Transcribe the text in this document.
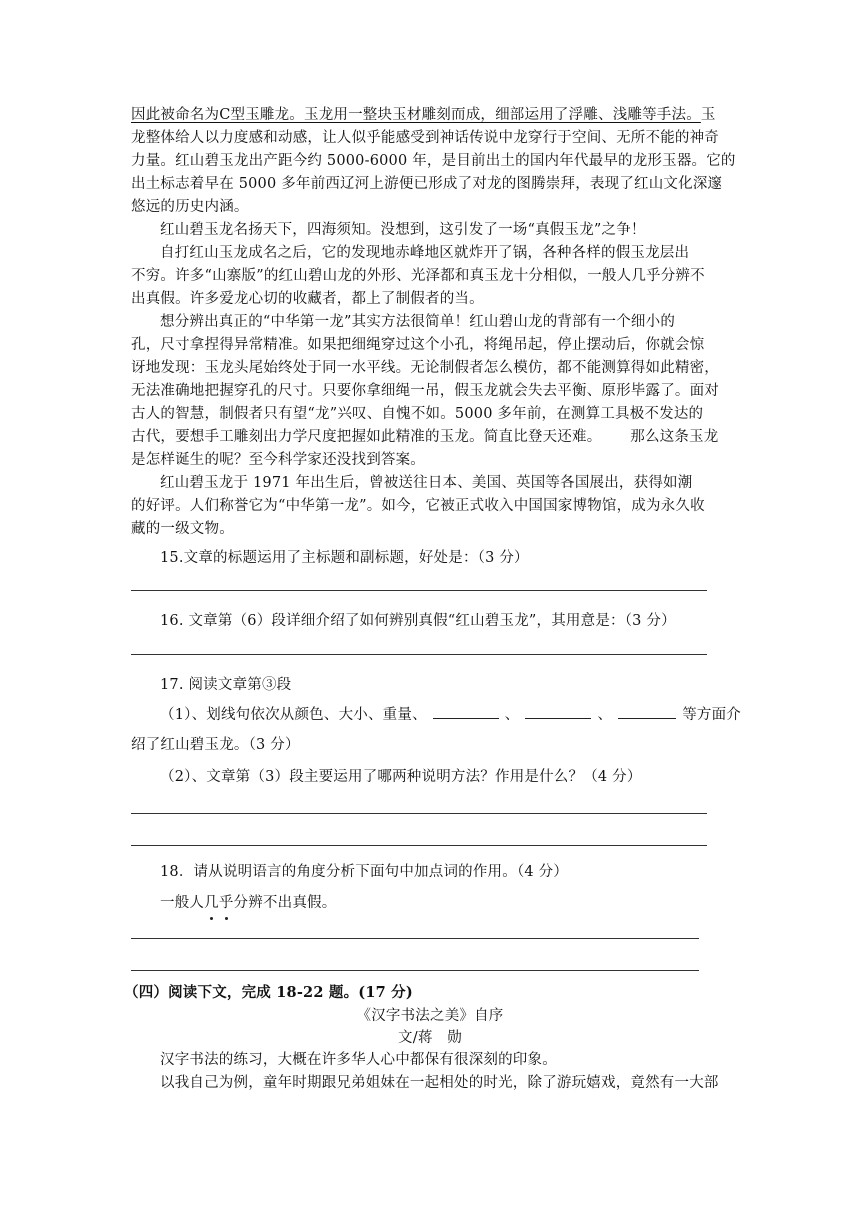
因此被命名为C型玉雕龙。玉龙用一整块玉材雕刻而成，细部运用了浮雕、浅雕等手法。玉
龙整体给人以力度感和动感，让人似乎能感受到神话传说中龙穿行于空间、无所不能的神奇
力量。红山碧玉龙出产距今约 5000-6000 年，是目前出土的国内年代最早的龙形玉器。它的
出土标志着早在 5000 多年前西辽河上游便已形成了对龙的图腾崇拜，表现了红山文化深邃
悠远的历史内涵。
红山碧玉龙名扬天下，四海须知。没想到，这引发了一场“真假玉龙”之争！
自打红山玉龙成名之后，它的发现地赤峰地区就炸开了锅，各种各样的假玉龙层出
不穷。许多“山寨版”的红山碧山龙的外形、光泽都和真玉龙十分相似，一般人几乎分辨不
出真假。许多爱龙心切的收藏者，都上了制假者的当。
想分辨出真正的“中华第一龙”其实方法很简单！红山碧山龙的背部有一个细小的
孔，尺寸拿捏得异常精准。如果把细绳穿过这个小孔，将绳吊起，停止摆动后，你就会惊
讶地发现：玉龙头尾始终处于同一水平线。无论制假者怎么模仿，都不能测算得如此精密，
无法准确地把握穿孔的尺寸。只要你拿细绳一吊，假玉龙就会失去平衡、原形毕露了。面对
古人的智慧，制假者只有望“龙”兴叹、自愧不如。5000 多年前，在测算工具极不发达的
古代，要想手工雕刻出力学尺度把握如此精准的玉龙。简直比登天还难。      那么这条玉龙
是怎样诞生的呢？至今科学家还没找到答案。
红山碧玉龙于 1971 年出生后，曾被送往日本、美国、英国等各国展出，获得如潮
的好评。人们称誉它为“中华第一龙”。如今，它被正式收入中国国家博物馆，成为永久收
藏的一级文物。
15.文章的标题运用了主标题和副标题，好处是：（3 分）
16. 文章第（6）段详细介绍了如何辨别真假“红山碧玉龙”，其用意是：（3 分）
17. 阅读文章第③段
（1）、划线句依次从颜色、大小、重量、	、	、	等方面介
绍了红山碧玉龙。（3 分）
（2）、文章第（3）段主要运用了哪两种说明方法？作用是什么？（4 分）
18．请从说明语言的角度分析下面句中加点词的作用。（4 分）
一般人几乎分辨不出真假。
（四）阅读下文，完成 18-22 题。(17 分)
《汉字书法之美》自序
文/蒋　勋
汉字书法的练习，大概在许多华人心中都保有很深刻的印象。
以我自己为例，童年时期跟兄弟姐妹在一起相处的时光，除了游玩嬉戏，竟然有一大部
